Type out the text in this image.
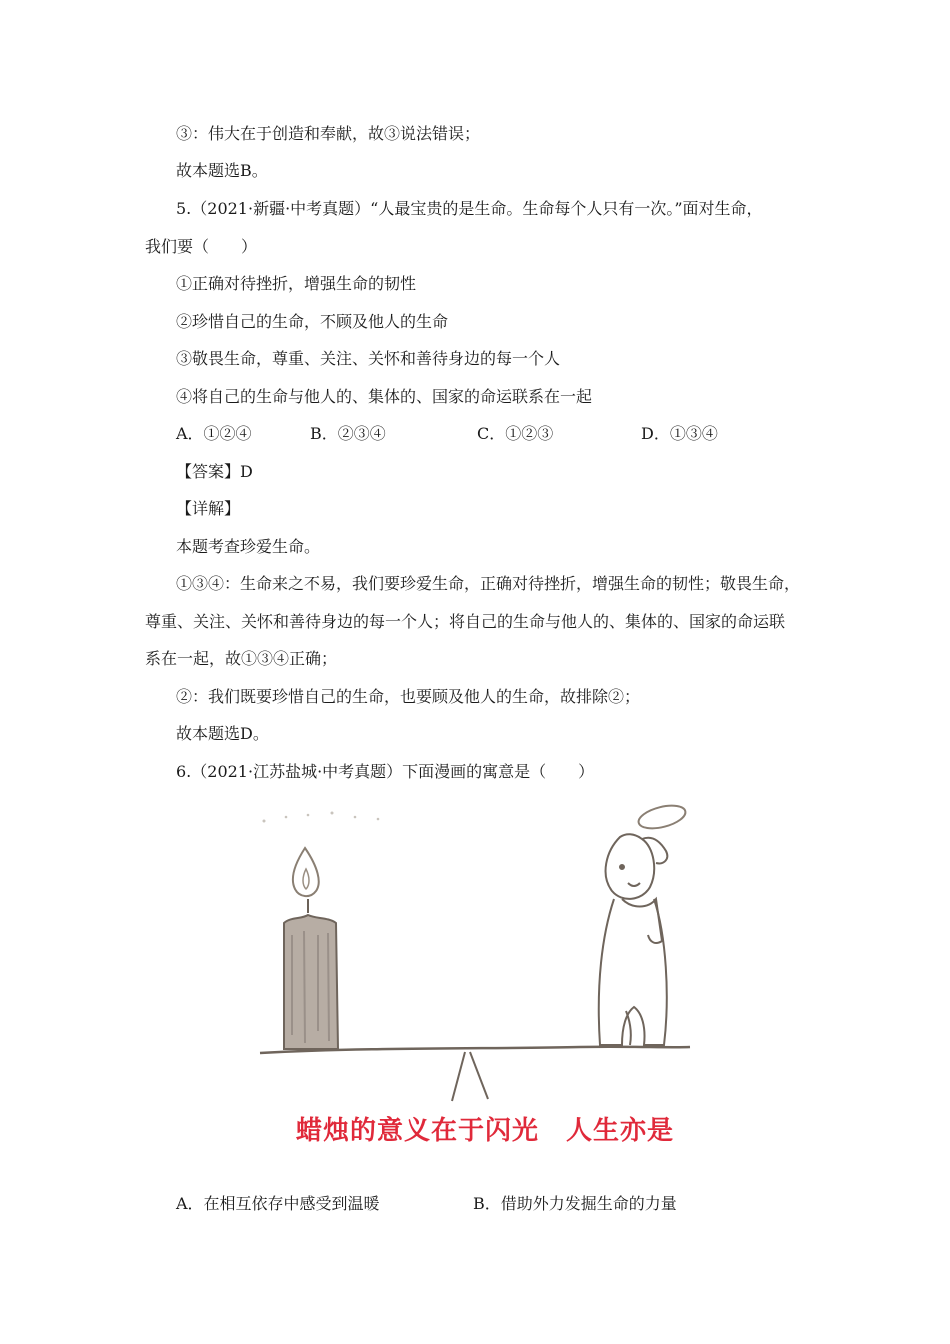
③：伟大在于创造和奉献，故③说法错误；
故本题选B。
5.（2021·新疆·中考真题）“人最宝贵的是生命。生命每个人只有一次。”面对生命，
我们要（　　）
①正确对待挫折，增强生命的韧性
②珍惜自己的生命，不顾及他人的生命
③敬畏生命，尊重、关注、关怀和善待身边的每一个人
④将自己的生命与他人的、集体的、国家的命运联系在一起
A．①②④	B．②③④	C．①②③	D．①③④
【答案】D
【详解】
本题考查珍爱生命。
①③④：生命来之不易，我们要珍爱生命，正确对待挫折，增强生命的韧性；敬畏生命，
尊重、关注、关怀和善待身边的每一个人；将自己的生命与他人的、集体的、国家的命运联
系在一起，故①③④正确；
②：我们既要珍惜自己的生命，也要顾及他人的生命，故排除②；
故本题选D。
6.（2021·江苏盐城·中考真题）下面漫画的寓意是（　　）
蜡烛的意义在于闪光　人生亦是
A．在相互依存中感受到温暖	B．借助外力发掘生命的力量
